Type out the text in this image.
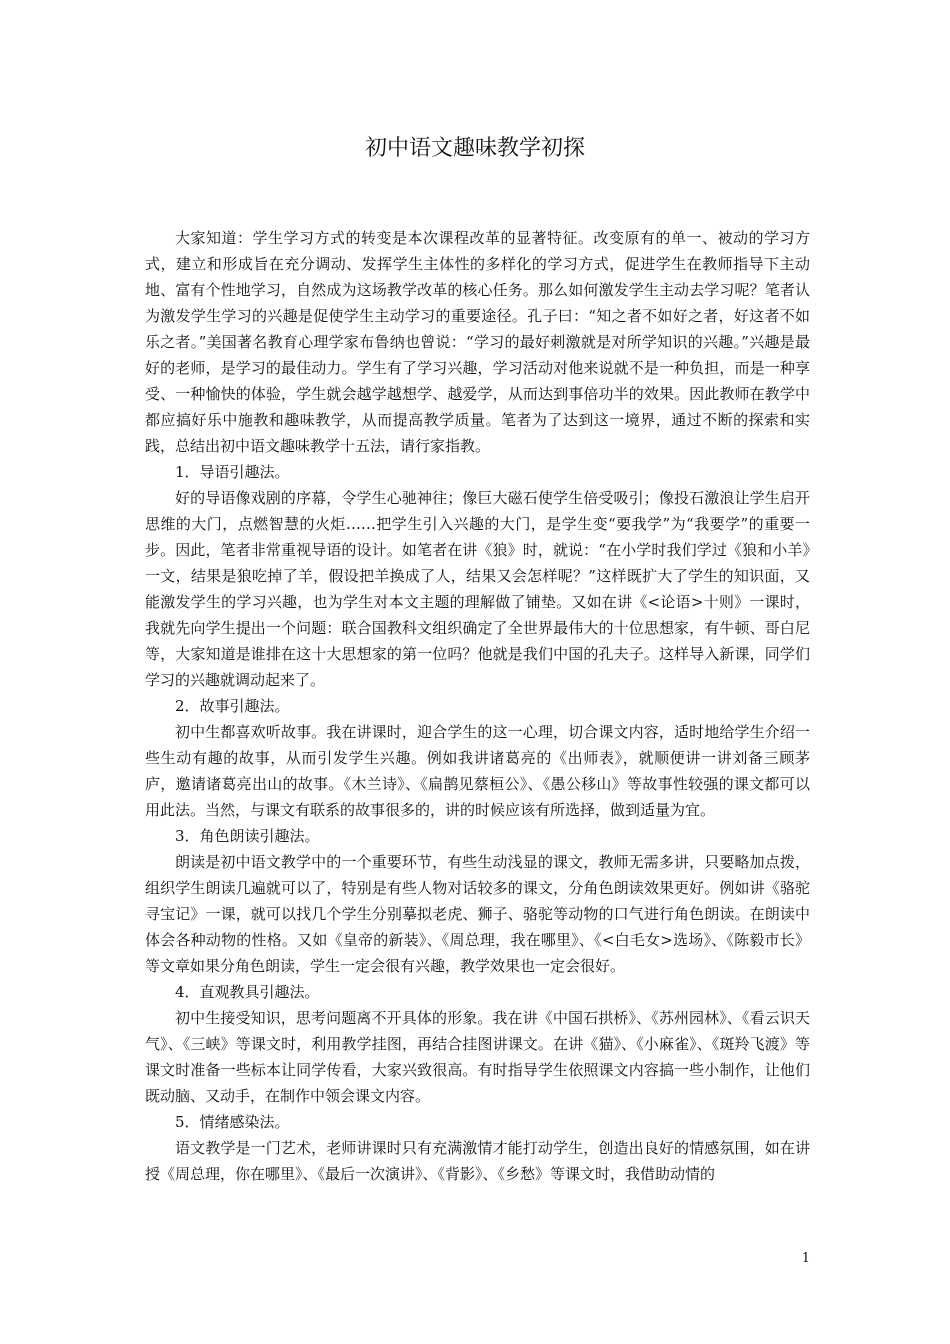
初中语文趣味教学初探

大家知道：学生学习方式的转变是本次课程改革的显著特征。改变原有的单一、被动的学习方式，建立和形成旨在充分调动、发挥学生主体性的多样化的学习方式，促进学生在教师指导下主动地、富有个性地学习，自然成为这场教学改革的核心任务。那么如何激发学生主动去学习呢？笔者认为激发学生学习的兴趣是促使学生主动学习的重要途径。孔子曰：“知之者不如好之者，好这者不如乐之者。”美国著名教育心理学家布鲁纳也曾说：“学习的最好刺激就是对所学知识的兴趣。”兴趣是最好的老师，是学习的最佳动力。学生有了学习兴趣，学习活动对他来说就不是一种负担，而是一种享受、一种愉快的体验，学生就会越学越想学、越爱学，从而达到事倍功半的效果。因此教师在教学中都应搞好乐中施教和趣味教学，从而提高教学质量。笔者为了达到这一境界，通过不断的探索和实践，总结出初中语文趣味教学十五法，请行家指教。

1．导语引趣法。

好的导语像戏剧的序幕，令学生心驰神往；像巨大磁石使学生倍受吸引；像投石激浪让学生启开思维的大门，点燃智慧的火炬……把学生引入兴趣的大门，是学生变“要我学”为“我要学”的重要一步。因此，笔者非常重视导语的设计。如笔者在讲《狼》时，就说：“在小学时我们学过《狼和小羊》一文，结果是狼吃掉了羊，假设把羊换成了人，结果又会怎样呢？”这样既扩大了学生的知识面，又能激发学生的学习兴趣，也为学生对本文主题的理解做了铺垫。又如在讲《<论语>十则》一课时，我就先向学生提出一个问题：联合国教科文组织确定了全世界最伟大的十位思想家，有牛顿、哥白尼等，大家知道是谁排在这十大思想家的第一位吗？他就是我们中国的孔夫子。这样导入新课，同学们学习的兴趣就调动起来了。

2．故事引趣法。

初中生都喜欢听故事。我在讲课时，迎合学生的这一心理，切合课文内容，适时地给学生介绍一些生动有趣的故事，从而引发学生兴趣。例如我讲诸葛亮的《出师表》，就顺便讲一讲刘备三顾茅庐，邀请诸葛亮出山的故事。《木兰诗》、《扁鹊见蔡桓公》、《愚公移山》等故事性较强的课文都可以用此法。当然，与课文有联系的故事很多的，讲的时候应该有所选择，做到适量为宜。

3．角色朗读引趣法。

朗读是初中语文教学中的一个重要环节，有些生动浅显的课文，教师无需多讲，只要略加点拨，组织学生朗读几遍就可以了，特别是有些人物对话较多的课文，分角色朗读效果更好。例如讲《骆驼寻宝记》一课，就可以找几个学生分别摹拟老虎、狮子、骆驼等动物的口气进行角色朗读。在朗读中体会各种动物的性格。又如《皇帝的新装》、《周总理，我在哪里》、《<白毛女>选场》、《陈毅市长》等文章如果分角色朗读，学生一定会很有兴趣，教学效果也一定会很好。

4．直观教具引趣法。

初中生接受知识，思考问题离不开具体的形象。我在讲《中国石拱桥》、《苏州园林》、《看云识天气》、《三峡》等课文时，利用教学挂图，再结合挂图讲课文。在讲《猫》、《小麻雀》、《斑羚飞渡》等课文时准备一些标本让同学传看，大家兴致很高。有时指导学生依照课文内容搞一些小制作，让他们既动脑、又动手，在制作中领会课文内容。

5．情绪感染法。

语文教学是一门艺术，老师讲课时只有充满激情才能打动学生，创造出良好的情感氛围，如在讲授《周总理，你在哪里》、《最后一次演讲》、《背影》、《乡愁》等课文时，我借助动情的

1
